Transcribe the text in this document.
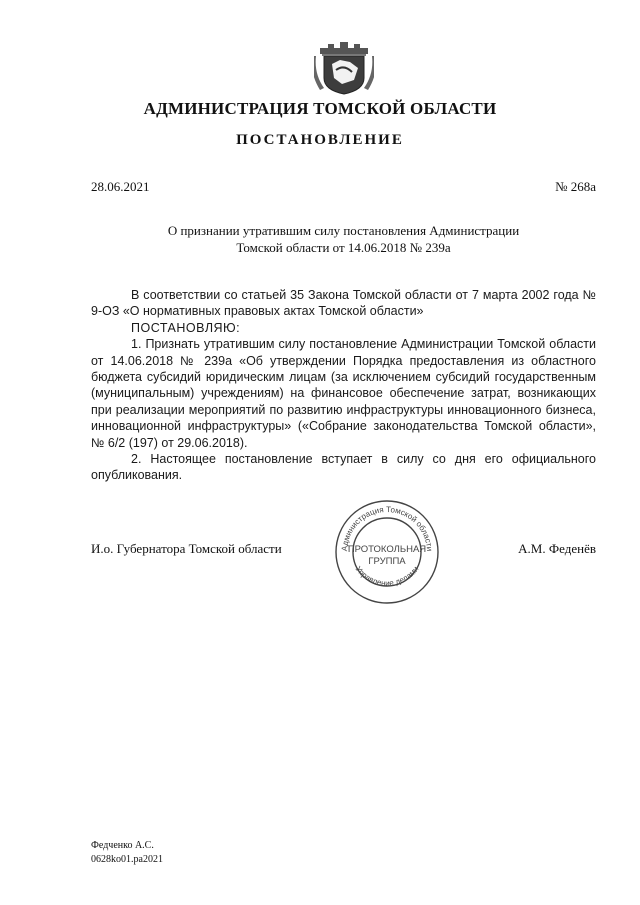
АДМИНИСТРАЦИЯ ТОМСКОЙ ОБЛАСТИ
ПОСТАНОВЛЕНИЕ
28.06.2021	№ 268а
О признании утратившим силу постановления Администрации
Томской области от 14.06.2018 № 239а

В соответствии со статьей 35 Закона Томской области от 7 марта 2002 года № 9-ОЗ «О нормативных правовых актах Томской области»

ПОСТАНОВЛЯЮ:

1. Признать утратившим силу постановление Администрации Томской области от 14.06.2018 № 239а «Об утверждении Порядка предоставления из областного бюджета субсидий юридическим лицам (за исключением субсидий государственным (муниципальным) учреждениям) на финансовое обеспечение затрат, возникающих при реализации мероприятий по развитию инфраструктуры инновационного бизнеса, инновационной инфраструктуры» («Собрание законодательства Томской области», № 6/2 (197) от 29.06.2018).

2. Настоящее постановление вступает в силу со дня его официального опубликования.

И.о. Губернатора Томской области	А.М. Феденёв
Администрация Томской области
Управление делами
ПРОТОКОЛЬНАЯ
ГРУППА
Федченко А.С.
0628ko01.pa2021
